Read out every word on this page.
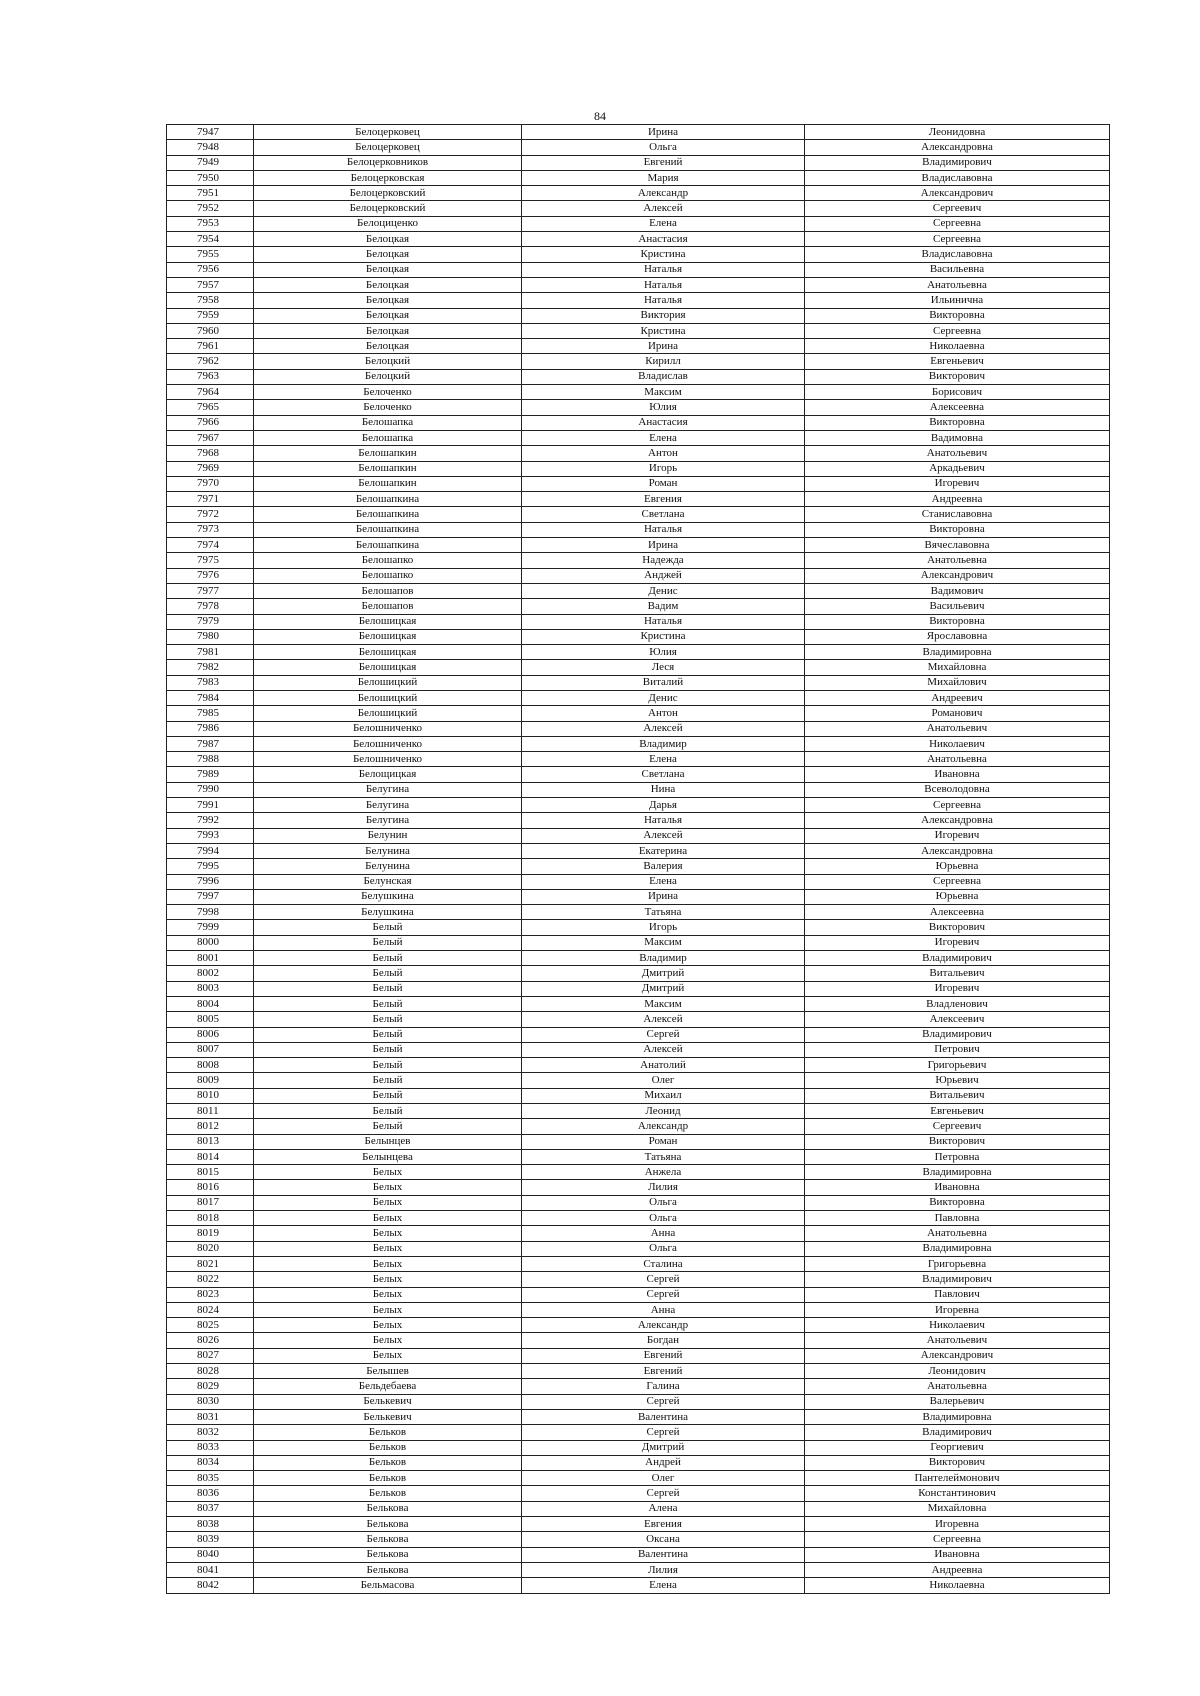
84
7947	Белоцерковец	Ирина	Леонидовна
7948	Белоцерковец	Ольга	Александровна
7949	Белоцерковников	Евгений	Владимирович
7950	Белоцерковская	Мария	Владиславовна
7951	Белоцерковский	Александр	Александрович
7952	Белоцерковский	Алексей	Сергеевич
7953	Белоциценко	Елена	Сергеевна
7954	Белоцкая	Анастасия	Сергеевна
7955	Белоцкая	Кристина	Владиславовна
7956	Белоцкая	Наталья	Васильевна
7957	Белоцкая	Наталья	Анатольевна
7958	Белоцкая	Наталья	Ильинична
7959	Белоцкая	Виктория	Викторовна
7960	Белоцкая	Кристина	Сергеевна
7961	Белоцкая	Ирина	Николаевна
7962	Белоцкий	Кирилл	Евгеньевич
7963	Белоцкий	Владислав	Викторович
7964	Белоченко	Максим	Борисович
7965	Белоченко	Юлия	Алексеевна
7966	Белошапка	Анастасия	Викторовна
7967	Белошапка	Елена	Вадимовна
7968	Белошапкин	Антон	Анатольевич
7969	Белошапкин	Игорь	Аркадьевич
7970	Белошапкин	Роман	Игоревич
7971	Белошапкина	Евгения	Андреевна
7972	Белошапкина	Светлана	Станиславовна
7973	Белошапкина	Наталья	Викторовна
7974	Белошапкина	Ирина	Вячеславовна
7975	Белошапко	Надежда	Анатольевна
7976	Белошапко	Анджей	Александрович
7977	Белошапов	Денис	Вадимович
7978	Белошапов	Вадим	Васильевич
7979	Белошицкая	Наталья	Викторовна
7980	Белошицкая	Кристина	Ярославовна
7981	Белошицкая	Юлия	Владимировна
7982	Белошицкая	Леся	Михайловна
7983	Белошицкий	Виталий	Михайлович
7984	Белошицкий	Денис	Андреевич
7985	Белошицкий	Антон	Романович
7986	Белошниченко	Алексей	Анатольевич
7987	Белошниченко	Владимир	Николаевич
7988	Белошниченко	Елена	Анатольевна
7989	Белощицкая	Светлана	Ивановна
7990	Белугина	Нина	Всеволодовна
7991	Белугина	Дарья	Сергеевна
7992	Белугина	Наталья	Александровна
7993	Белунин	Алексей	Игоревич
7994	Белунина	Екатерина	Александровна
7995	Белунина	Валерия	Юрьевна
7996	Белунская	Елена	Сергеевна
7997	Белушкина	Ирина	Юрьевна
7998	Белушкина	Татьяна	Алексеевна
7999	Белый	Игорь	Викторович
8000	Белый	Максим	Игоревич
8001	Белый	Владимир	Владимирович
8002	Белый	Дмитрий	Витальевич
8003	Белый	Дмитрий	Игоревич
8004	Белый	Максим	Владленович
8005	Белый	Алексей	Алексеевич
8006	Белый	Сергей	Владимирович
8007	Белый	Алексей	Петрович
8008	Белый	Анатолий	Григорьевич
8009	Белый	Олег	Юрьевич
8010	Белый	Михаил	Витальевич
8011	Белый	Леонид	Евгеньевич
8012	Белый	Александр	Сергеевич
8013	Белынцев	Роман	Викторович
8014	Белынцева	Татьяна	Петровна
8015	Белых	Анжела	Владимировна
8016	Белых	Лилия	Ивановна
8017	Белых	Ольга	Викторовна
8018	Белых	Ольга	Павловна
8019	Белых	Анна	Анатольевна
8020	Белых	Ольга	Владимировна
8021	Белых	Сталина	Григорьевна
8022	Белых	Сергей	Владимирович
8023	Белых	Сергей	Павлович
8024	Белых	Анна	Игоревна
8025	Белых	Александр	Николаевич
8026	Белых	Богдан	Анатольевич
8027	Белых	Евгений	Александрович
8028	Белышев	Евгений	Леонидович
8029	Бельдебаева	Галина	Анатольевна
8030	Белькевич	Сергей	Валерьевич
8031	Белькевич	Валентина	Владимировна
8032	Бельков	Сергей	Владимирович
8033	Бельков	Дмитрий	Георгиевич
8034	Бельков	Андрей	Викторович
8035	Бельков	Олег	Пантелеймонович
8036	Бельков	Сергей	Константинович
8037	Белькова	Алена	Михайловна
8038	Белькова	Евгения	Игоревна
8039	Белькова	Оксана	Сергеевна
8040	Белькова	Валентина	Ивановна
8041	Белькова	Лилия	Андреевна
8042	Бельмасова	Елена	Николаевна
